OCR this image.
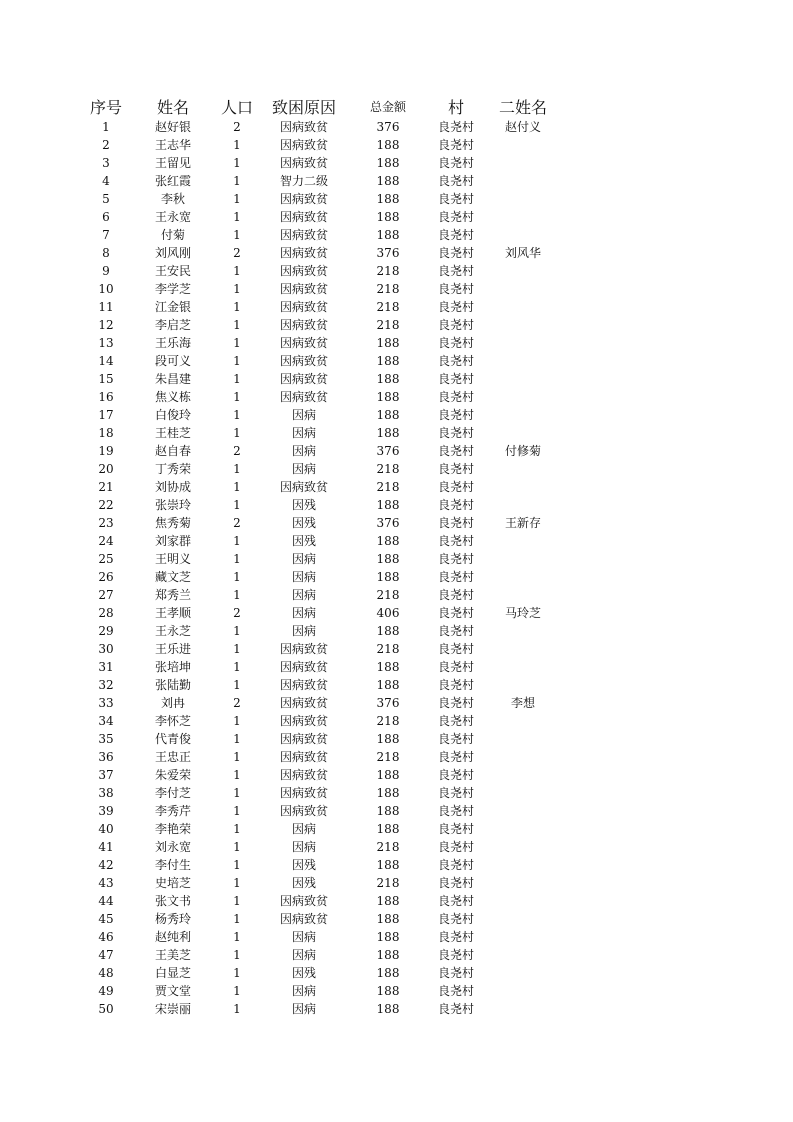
序号	姓名	人口	致困原因	总金额	村	二姓名
1	赵好银	2	因病致贫	376	良尧村	赵付义
2	王志华	1	因病致贫	188	良尧村	
3	王留见	1	因病致贫	188	良尧村	
4	张红霞	1	智力二级	188	良尧村	
5	李秋	1	因病致贫	188	良尧村	
6	王永宽	1	因病致贫	188	良尧村	
7	付菊	1	因病致贫	188	良尧村	
8	刘风刚	2	因病致贫	376	良尧村	刘风华
9	王安民	1	因病致贫	218	良尧村	
10	李学芝	1	因病致贫	218	良尧村	
11	江金银	1	因病致贫	218	良尧村	
12	李启芝	1	因病致贫	218	良尧村	
13	王乐海	1	因病致贫	188	良尧村	
14	段可义	1	因病致贫	188	良尧村	
15	朱昌建	1	因病致贫	188	良尧村	
16	焦义栋	1	因病致贫	188	良尧村	
17	白俊玲	1	因病	188	良尧村	
18	王桂芝	1	因病	188	良尧村	
19	赵自春	2	因病	376	良尧村	付修菊
20	丁秀荣	1	因病	218	良尧村	
21	刘协成	1	因病致贫	218	良尧村	
22	张崇玲	1	因残	188	良尧村	
23	焦秀菊	2	因残	376	良尧村	王新存
24	刘家群	1	因残	188	良尧村	
25	王明义	1	因病	188	良尧村	
26	藏文芝	1	因病	188	良尧村	
27	郑秀兰	1	因病	218	良尧村	
28	王孝顺	2	因病	406	良尧村	马玲芝
29	王永芝	1	因病	188	良尧村	
30	王乐进	1	因病致贫	218	良尧村	
31	张培坤	1	因病致贫	188	良尧村	
32	张陆勤	1	因病致贫	188	良尧村	
33	刘冉	2	因病致贫	376	良尧村	李想
34	李怀芝	1	因病致贫	218	良尧村	
35	代青俊	1	因病致贫	188	良尧村	
36	王忠正	1	因病致贫	218	良尧村	
37	朱爱荣	1	因病致贫	188	良尧村	
38	李付芝	1	因病致贫	188	良尧村	
39	李秀芹	1	因病致贫	188	良尧村	
40	李艳荣	1	因病	188	良尧村	
41	刘永宽	1	因病	218	良尧村	
42	李付生	1	因残	188	良尧村	
43	史培芝	1	因残	218	良尧村	
44	张文书	1	因病致贫	188	良尧村	
45	杨秀玲	1	因病致贫	188	良尧村	
46	赵纯利	1	因病	188	良尧村	
47	王美芝	1	因病	188	良尧村	
48	白显芝	1	因残	188	良尧村	
49	贾文堂	1	因病	188	良尧村	
50	宋崇丽	1	因病	188	良尧村	
